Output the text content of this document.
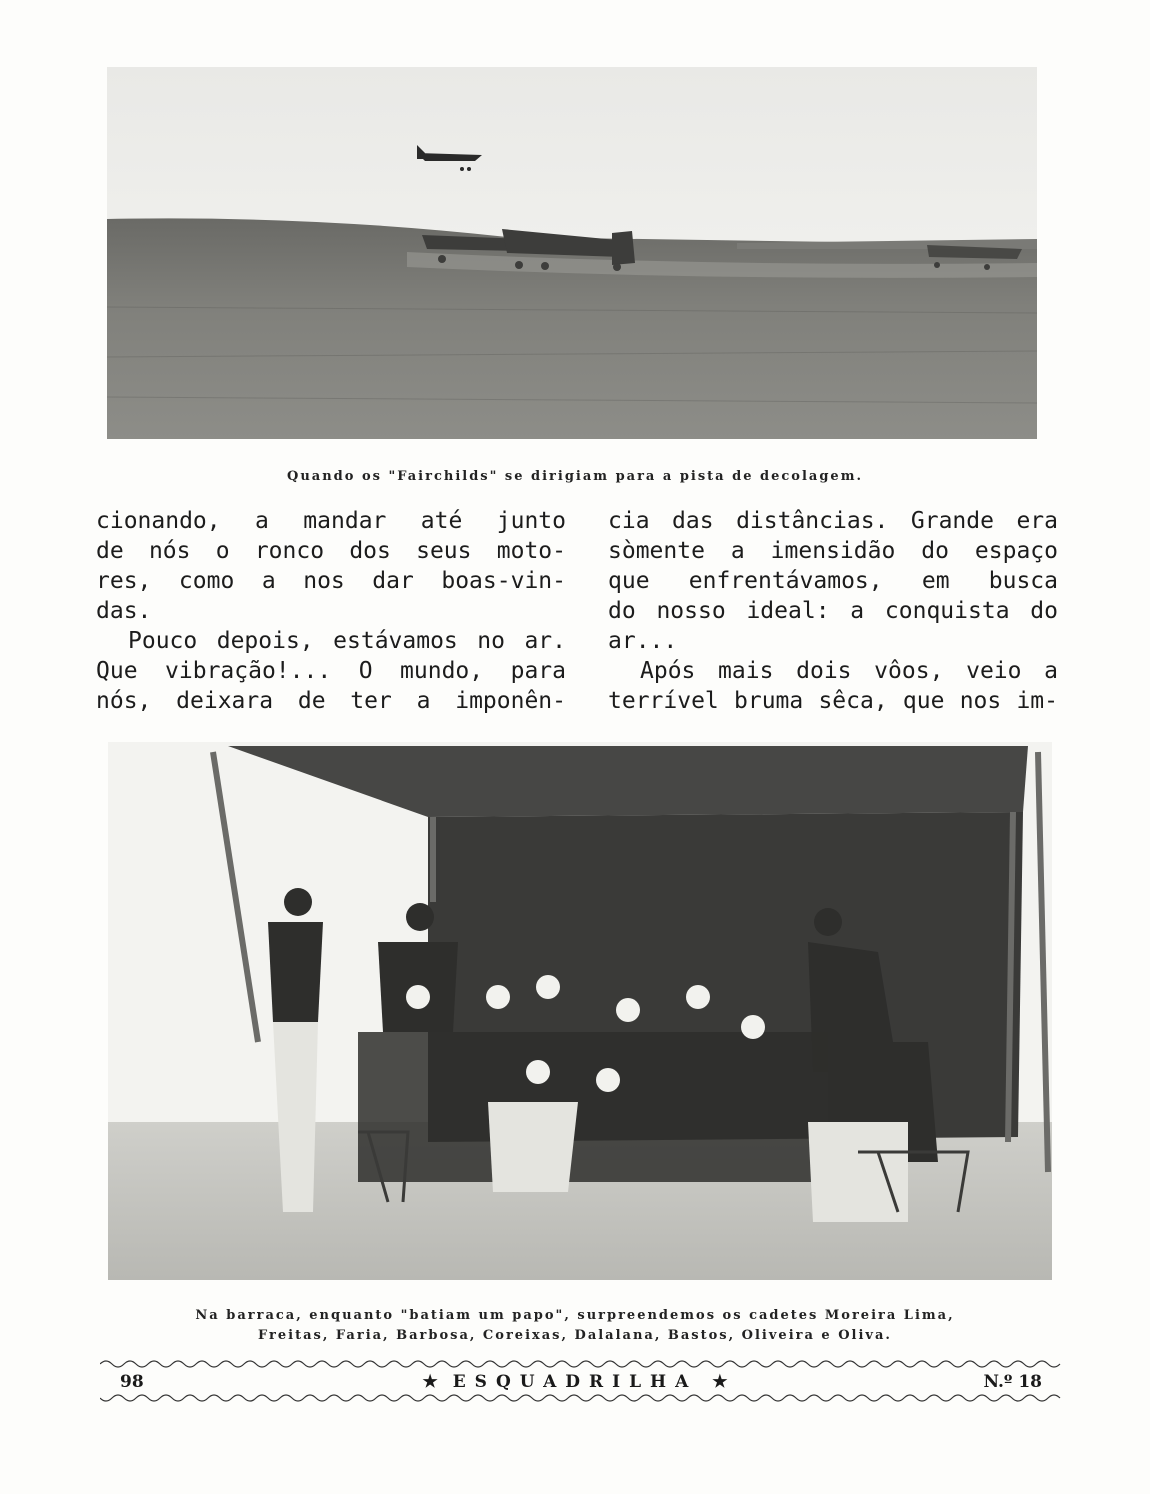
Quando os "Fairchilds" se dirigiam para a pista de decolagem.
cionando, a mandar até junto
de nós o ronco dos seus moto-
res, como a nos dar boas-vin-
das.
Pouco depois, estávamos no ar.
Que vibração!... O mundo, para
nós, deixara de ter a imponên-
cia das distâncias. Grande era
sòmente a imensidão do espaço
que enfrentávamos, em busca
do nosso ideal: a conquista do
ar...
Após mais dois vôos, veio a
terrível bruma sêca, que nos im-
Na barraca, enquanto "batiam um papo", surpreendemos os cadetes Moreira Lima,
Freitas, Faria, Barbosa, Coreixas, Dalalana, Bastos, Oliveira e Oliva.
98	★ ESQUADRILHA ★	N.º 18
